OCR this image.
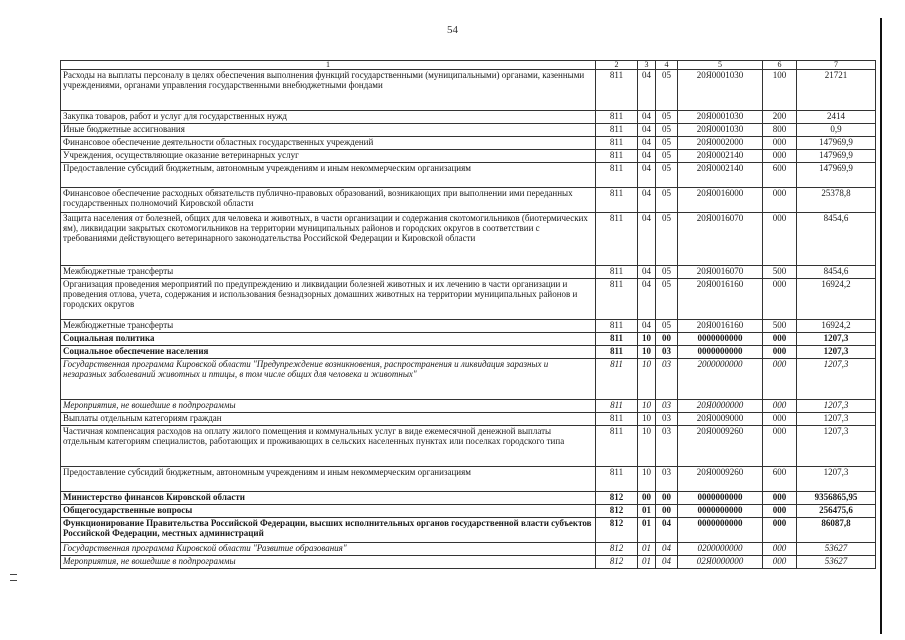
54
1	2	3	4	5	6	7
Расходы на выплаты персоналу в целях обеспечения выполнения функций государственными (муниципальными) органами, казенными учреждениями, органами управления государственными внебюджетными фондами	811	04	05	20Я0001030	100	21721
Закупка товаров, работ и услуг для государственных нужд	811	04	05	20Я0001030	200	2414
Иные бюджетные ассигнования	811	04	05	20Я0001030	800	0,9
Финансовое обеспечение деятельности областных государственных учреждений	811	04	05	20Я0002000	000	147969,9
Учреждения, осуществляющие оказание ветеринарных услуг	811	04	05	20Я0002140	000	147969,9
Предоставление субсидий бюджетным, автономным учреждениям и иным некоммерческим организациям	811	04	05	20Я0002140	600	147969,9
Финансовое обеспечение расходных обязательств публично-правовых образований, возникающих при выполнении ими переданных государственных полномочий Кировской области	811	04	05	20Я0016000	000	25378,8
Защита населения от болезней, общих для человека и животных, в части организации и содержания скотомогильников (биотермических ям), ликвидации закрытых скотомогильников на территории муниципальных районов и городских округов в соответствии с требованиями действующего ветеринарного законодательства Российской Федерации и Кировской области	811	04	05	20Я0016070	000	8454,6
Межбюджетные трансферты	811	04	05	20Я0016070	500	8454,6
Организация проведения мероприятий по предупреждению и ликвидации болезней животных и их лечению в части организации и проведения отлова, учета, содержания и использования безнадзорных домашних животных на территории муниципальных районов и городских округов	811	04	05	20Я0016160	000	16924,2
Межбюджетные трансферты	811	04	05	20Я0016160	500	16924,2
Социальная политика	811	10	00	0000000000	000	1207,3
Социальное обеспечение населения	811	10	03	0000000000	000	1207,3
Государственная программа Кировской области "Предупреждение возникновения, распространения и ликвидация заразных и незаразных заболеваний животных и птицы, в том числе общих для человека и животных"	811	10	03	2000000000	000	1207,3
Мероприятия, не вошедшие в подпрограммы	811	10	03	20Я0000000	000	1207,3
Выплаты отдельным категориям граждан	811	10	03	20Я0009000	000	1207,3
Частичная компенсация расходов на оплату жилого помещения и коммунальных услуг в виде ежемесячной денежной выплаты отдельным категориям специалистов, работающих и проживающих в сельских населенных пунктах или поселках городского типа	811	10	03	20Я0009260	000	1207,3
Предоставление субсидий бюджетным, автономным учреждениям и иным некоммерческим организациям	811	10	03	20Я0009260	600	1207,3
Министерство финансов Кировской области	812	00	00	0000000000	000	9356865,95
Общегосударственные вопросы	812	01	00	0000000000	000	256475,6
Функционирование Правительства Российской Федерации, высших исполнительных органов государственной власти субъектов Российской Федерации, местных администраций	812	01	04	0000000000	000	86087,8
Государственная программа Кировской области "Развитие образования"	812	01	04	0200000000	000	53627
Мероприятия, не вошедшие в подпрограммы	812	01	04	02Я0000000	000	53627
